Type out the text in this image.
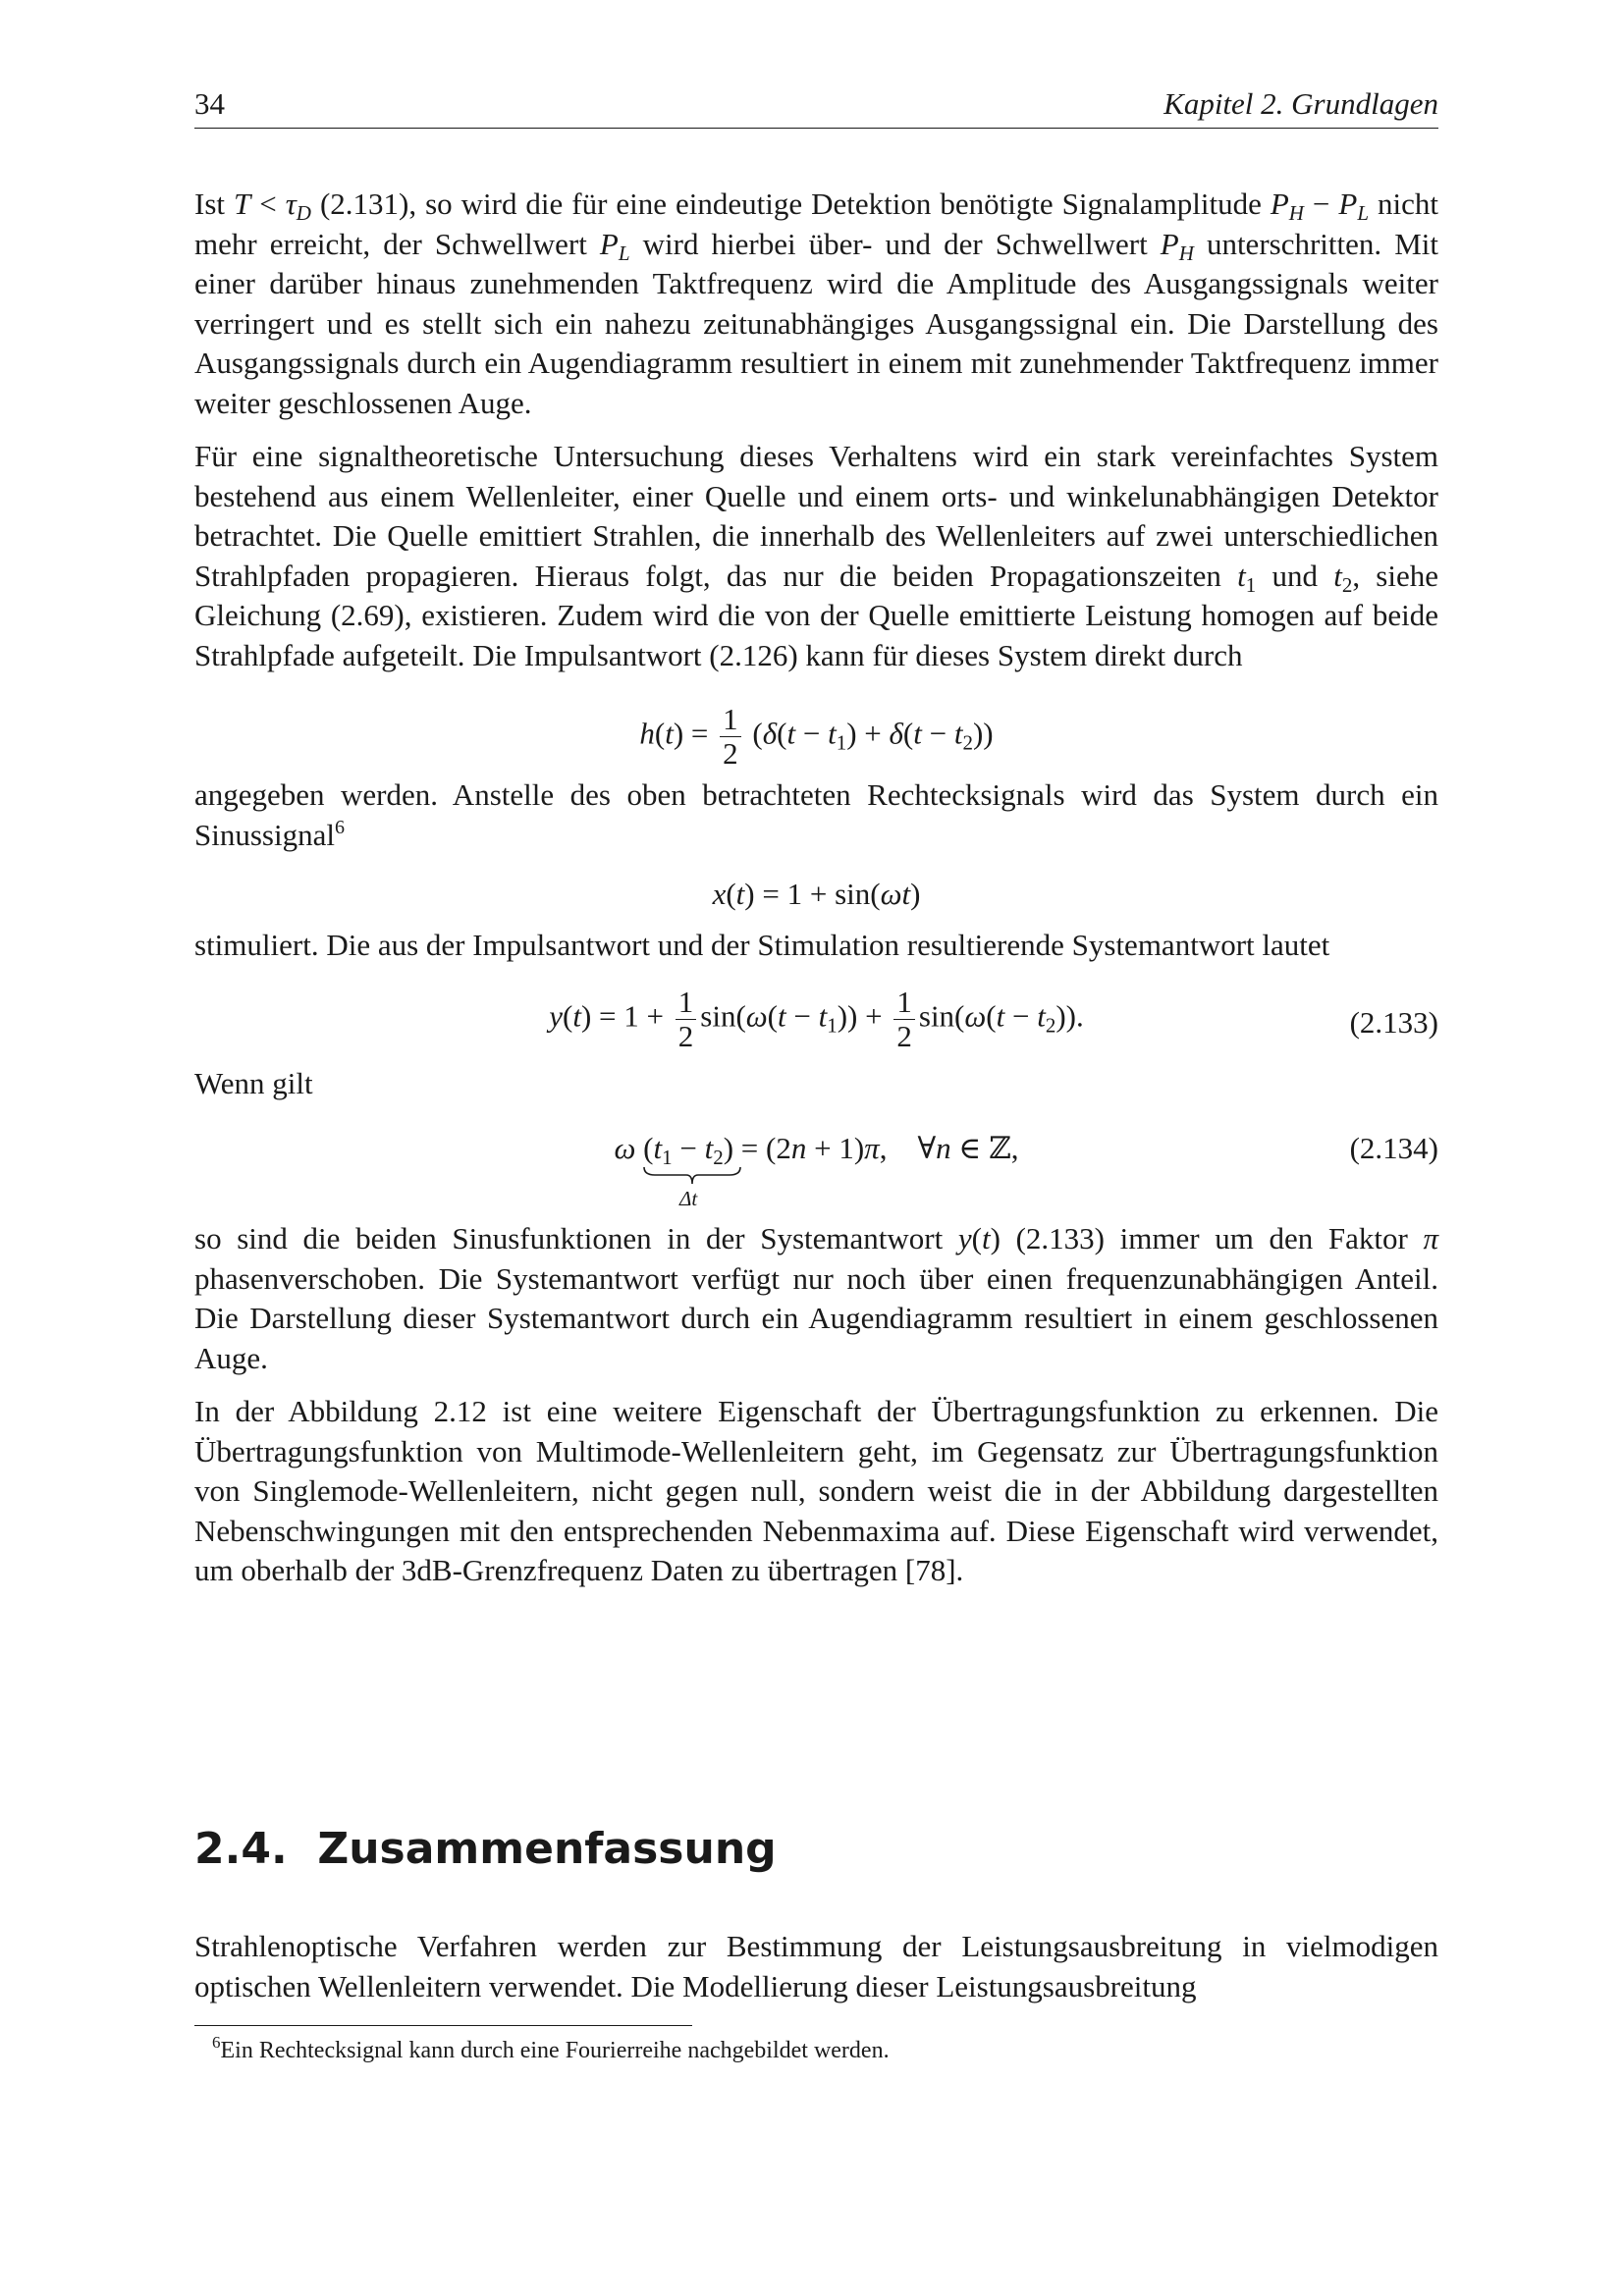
34	Kapitel 2. Grundlagen

Ist $T < \tau_D$ (2.131), so wird die für eine eindeutige Detektion benötigte Signalamplitude $P_H - P_L$ nicht mehr erreicht, der Schwellwert $P_L$ wird hierbei über- und der Schwellwert $P_H$ unterschritten. Mit einer darüber hinaus zunehmenden Taktfrequenz wird die Amplitude des Ausgangssignals weiter verringert und es stellt sich ein nahezu zeitunabhängiges Ausgangssignal ein. Die Darstellung des Ausgangssignals durch ein Augendiagramm resultiert in einem mit zunehmender Taktfrequenz immer weiter geschlossenen Auge.

Für eine signaltheoretische Untersuchung dieses Verhaltens wird ein stark vereinfachtes System bestehend aus einem Wellenleiter, einer Quelle und einem orts- und winkelunabhängigen Detektor betrachtet. Die Quelle emittiert Strahlen, die innerhalb des Wellenleiters auf zwei unterschiedlichen Strahlpfaden propagieren. Hieraus folgt, das nur die beiden Propagationszeiten $t_1$ und $t_2$, siehe Gleichung (2.69), existieren. Zudem wird die von der Quelle emittierte Leistung homogen auf beide Strahlpfade aufgeteilt. Die Impulsantwort (2.126) kann für dieses System direkt durch

$h(t) = \frac{1}{2} (\delta(t - t_1) + \delta(t - t_2))$

angegeben werden. Anstelle des oben betrachteten Rechtecksignals wird das System durch ein Sinussignal$^6$

x(t) = 1 + sin(ωt)

stimuliert. Die aus der Impulsantwort und der Stimulation resultierende Systemantwort lautet

$y(t) = 1 + \frac{1}{2} \sin(\omega(t - t_1)) + \frac{1}{2} \sin(\omega(t - t_2))$.	(2.133)

Wenn gilt

ω $(t_1 - t_2)$
Δt
= (2n + 1)π,    ∀n ∈ ℤ,	(2.134)

so sind die beiden Sinusfunktionen in der Systemantwort y(t) (2.133) immer um den Faktor π phasenverschoben. Die Systemantwort verfügt nur noch über einen frequenzunabhängigen Anteil. Die Darstellung dieser Systemantwort durch ein Augendiagramm resultiert in einem geschlossenen Auge.

In der Abbildung 2.12 ist eine weitere Eigenschaft der Übertragungsfunktion zu erkennen. Die Übertragungsfunktion von Multimode-Wellenleitern geht, im Gegensatz zur Übertragungsfunktion von Singlemode-Wellenleitern, nicht gegen null, sondern weist die in der Abbildung dargestellten Nebenschwingungen mit den entsprechenden Nebenmaxima auf. Diese Eigenschaft wird verwendet, um oberhalb der 3dB-Grenzfrequenz Daten zu übertragen [78].

2.4. Zusammenfassung

Strahlenoptische Verfahren werden zur Bestimmung der Leistungsausbreitung in vielmodigen optischen Wellenleitern verwendet. Die Modellierung dieser Leistungsausbreitung

$^6$Ein Rechtecksignal kann durch eine Fourierreihe nachgebildet werden.
